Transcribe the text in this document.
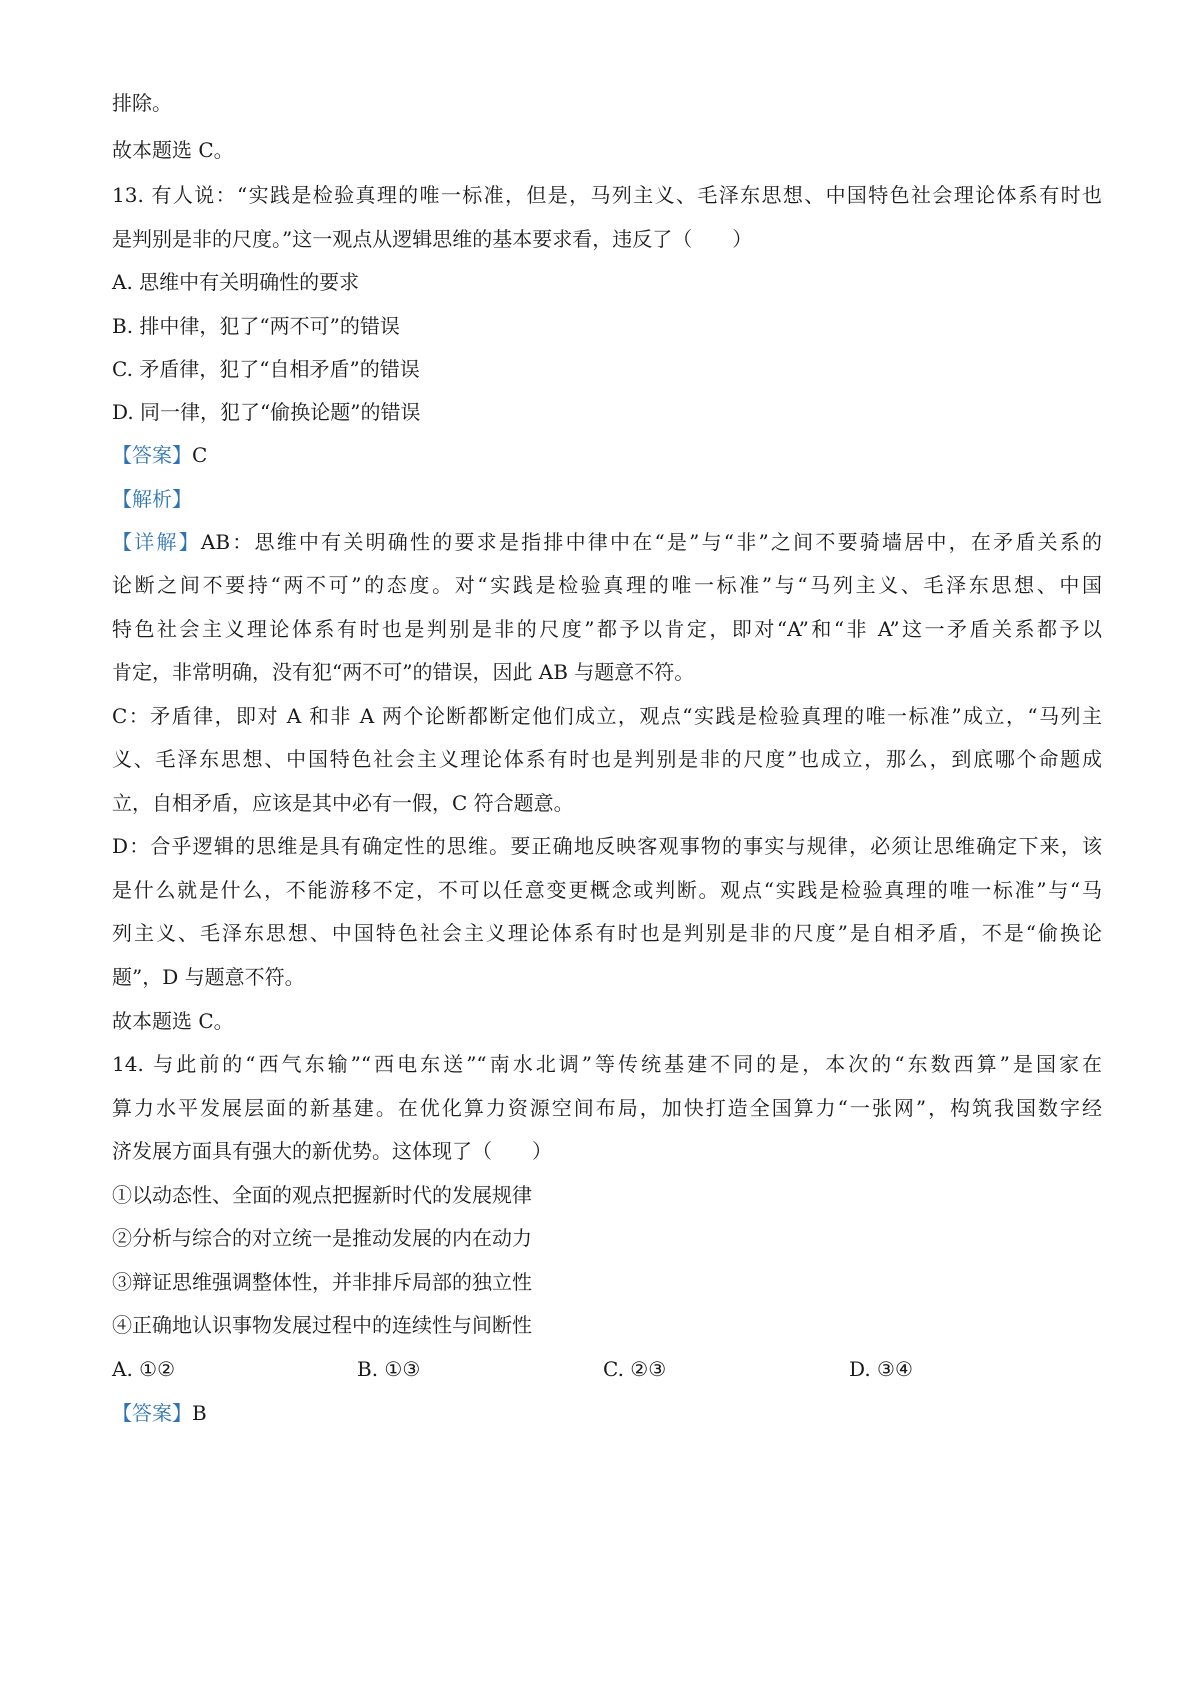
排除。
故本题选 C。
13. 有人说：“实践是检验真理的唯一标准，但是，马列主义、毛泽东思想、中国特色社会理论体系有时也
是判别是非的尺度。”这一观点从逻辑思维的基本要求看，违反了（　　）
A. 思维中有关明确性的要求
B. 排中律，犯了“两不可”的错误
C. 矛盾律，犯了“自相矛盾”的错误
D. 同一律，犯了“偷换论题”的错误
【答案】C
【解析】
【详解】AB：思维中有关明确性的要求是指排中律中在“是”与“非”之间不要骑墙居中，在矛盾关系的
论断之间不要持“两不可”的态度。对“实践是检验真理的唯一标准”与“马列主义、毛泽东思想、中国
特色社会主义理论体系有时也是判别是非的尺度”都予以肯定，即对“A”和“非 A”这一矛盾关系都予以
肯定，非常明确，没有犯“两不可”的错误，因此 AB 与题意不符。
C：矛盾律，即对 A 和非 A 两个论断都断定他们成立，观点“实践是检验真理的唯一标准”成立，“马列主
义、毛泽东思想、中国特色社会主义理论体系有时也是判别是非的尺度”也成立，那么，到底哪个命题成
立，自相矛盾，应该是其中必有一假，C 符合题意。
D：合乎逻辑的思维是具有确定性的思维。要正确地反映客观事物的事实与规律，必须让思维确定下来，该
是什么就是什么，不能游移不定，不可以任意变更概念或判断。观点“实践是检验真理的唯一标准”与“马
列主义、毛泽东思想、中国特色社会主义理论体系有时也是判别是非的尺度”是自相矛盾，不是“偷换论
题”，D 与题意不符。
故本题选 C。
14. 与此前的“西气东输”“西电东送”“南水北调”等传统基建不同的是，本次的“东数西算”是国家在
算力水平发展层面的新基建。在优化算力资源空间布局，加快打造全国算力“一张网”，构筑我国数字经
济发展方面具有强大的新优势。这体现了（　　）
①以动态性、全面的观点把握新时代的发展规律
②分析与综合的对立统一是推动发展的内在动力
③辩证思维强调整体性，并非排斥局部的独立性
④正确地认识事物发展过程中的连续性与间断性
A. ①②	B. ①③	C. ②③	D. ③④
【答案】B
